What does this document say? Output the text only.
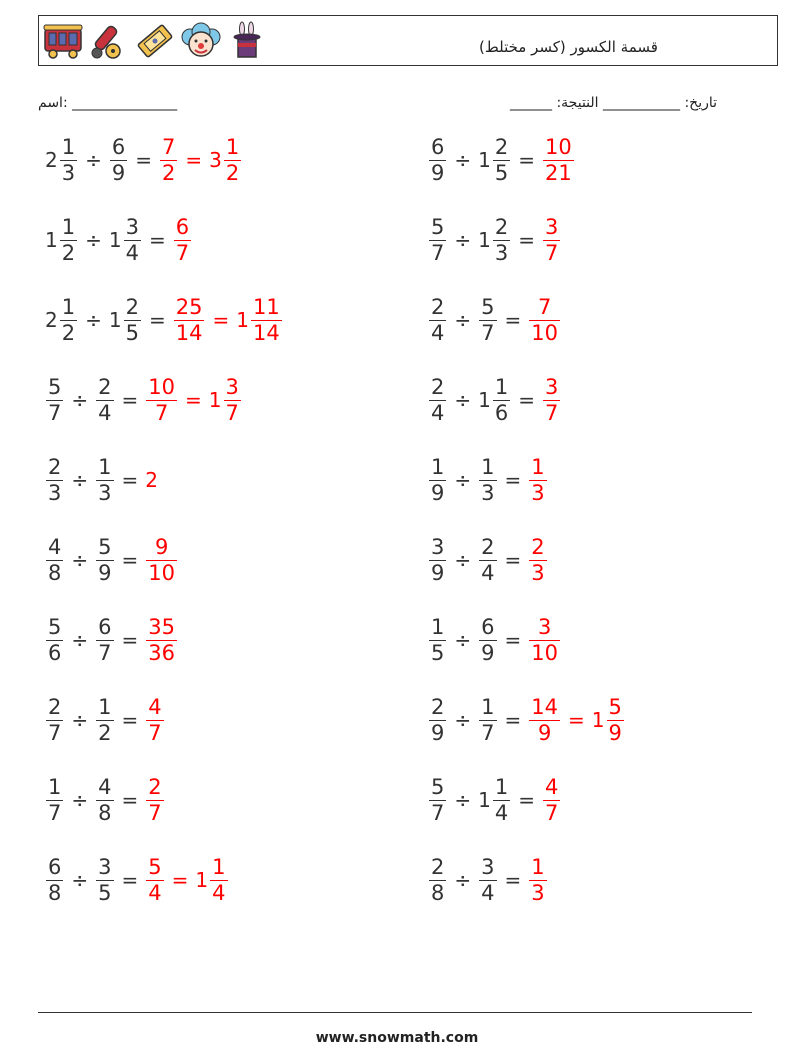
(قسمة الكسور (كسر مختلط
اسم: _______________	______ :تاريخ: ___________ النتيجة
$2 \frac{1}{3} \div \frac{6}{9} = \frac{7}{2} = 3 \frac{1}{2}$
$1 \frac{1}{2} \div 1 \frac{3}{4} = \frac{6}{7}$
$2 \frac{1}{2} \div 1 \frac{2}{5} = \frac{25}{14} = 1 \frac{11}{14}$
$\frac{5}{7} \div \frac{2}{4} = \frac{10}{7} = 1 \frac{3}{7}$
$\frac{2}{3} \div \frac{1}{3} = 2$
$\frac{4}{8} \div \frac{5}{9} = \frac{9}{10}$
$\frac{5}{6} \div \frac{6}{7} = \frac{35}{36}$
$\frac{2}{7} \div \frac{1}{2} = \frac{4}{7}$
$\frac{1}{7} \div \frac{4}{8} = \frac{2}{7}$
$\frac{6}{8} \div \frac{3}{5} = \frac{5}{4} = 1 \frac{1}{4}$
$\frac{6}{9} \div 1 \frac{2}{5} = \frac{10}{21}$
$\frac{5}{7} \div 1 \frac{2}{3} = \frac{3}{7}$
$\frac{2}{4} \div \frac{5}{7} = \frac{7}{10}$
$\frac{2}{4} \div 1 \frac{1}{6} = \frac{3}{7}$
$\frac{1}{9} \div \frac{1}{3} = \frac{1}{3}$
$\frac{3}{9} \div \frac{2}{4} = \frac{2}{3}$
$\frac{1}{5} \div \frac{6}{9} = \frac{3}{10}$
$\frac{2}{9} \div \frac{1}{7} = \frac{14}{9} = 1 \frac{5}{9}$
$\frac{5}{7} \div 1 \frac{1}{4} = \frac{4}{7}$
$\frac{2}{8} \div \frac{3}{4} = \frac{1}{3}$
www.snowmath.com
